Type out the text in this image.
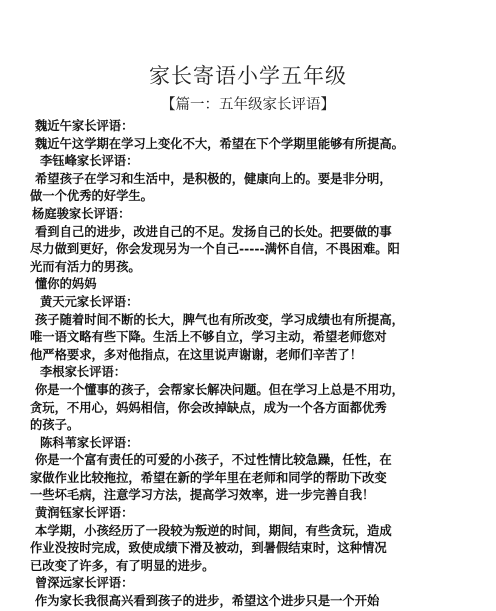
家长寄语小学五年级
【篇一：五年级家长评语】
魏近午家长评语：
魏近午这学期在学习上变化不大，希望在下个学期里能够有所提高。
李钰峰家长评语：
希望孩子在学习和生活中，是积极的，健康向上的。要是非分明，
做一个优秀的好学生。
杨庭骏家长评语：
看到自己的进步，改进自己的不足。发扬自己的长处。把要做的事
尽力做到更好，你会发现另为一个自己-----满怀自信，不畏困难。阳
光而有活力的男孩。
懂你的妈妈
黄天元家长评语：
孩子随着时间不断的长大，脾气也有所改变，学习成绩也有所提高，
唯一语文略有些下降。生活上不够自立，学习主动，希望老师您对
他严格要求，多对他指点，在这里说声谢谢，老师们辛苦了！
李根家长评语：
你是一个懂事的孩子，会帮家长解决问题。但在学习上总是不用功，
贪玩，不用心，妈妈相信，你会改掉缺点，成为一个各方面都优秀
的孩子。
陈科苇家长评语：
你是一个富有责任的可爱的小孩子，不过性情比较急躁，任性，在
家做作业比较拖拉，希望在新的学年里在老师和同学的帮助下改变
一些坏毛病，注意学习方法，提高学习效率，进一步完善自我！
黄润钰家长评语：
本学期，小孩经历了一段较为叛逆的时间，期间，有些贪玩，造成
作业没按时完成，致使成绩下滑及被动，到暑假结束时，这种情况
已改变了许多，有了明显的进步。
曾深远家长评语：
作为家长我很高兴看到孩子的进步，希望这个进步只是一个开始
